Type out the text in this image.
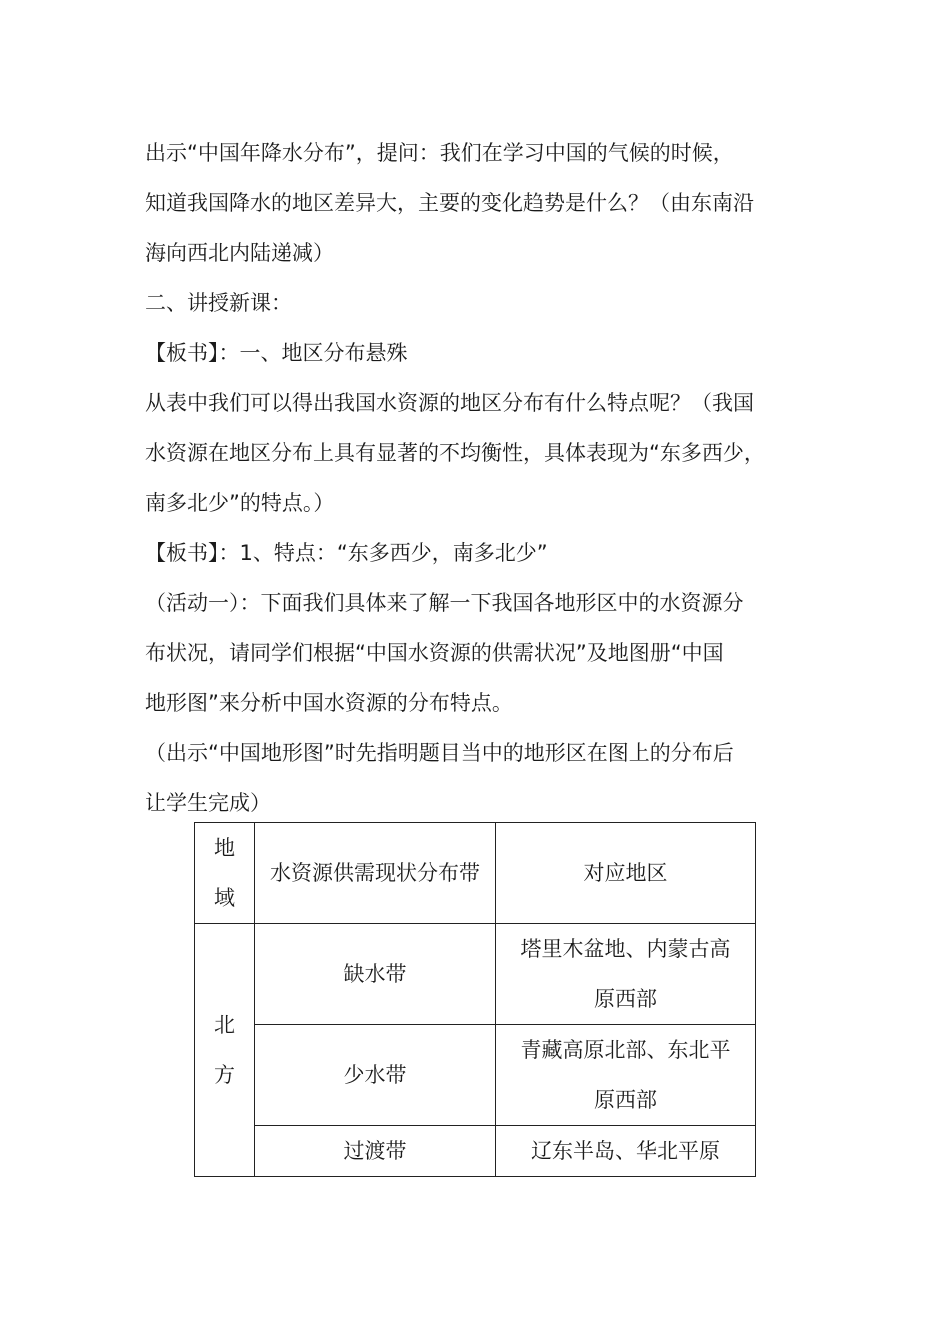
出示“中国年降水分布”，提问：我们在学习中国的气候的时候，

知道我国降水的地区差异大，主要的变化趋势是什么？（由东南沿

海向西北内陆递减）

二、讲授新课：

【板书】：一、地区分布悬殊

从表中我们可以得出我国水资源的地区分布有什么特点呢？（我国

水资源在地区分布上具有显著的不均衡性，具体表现为“东多西少，

南多北少”的特点。）

【板书】：1、特点：“东多西少，南多北少”

（活动一）：下面我们具体来了解一下我国各地形区中的水资源分

布状况，请同学们根据“中国水资源的供需状况”及地图册“中国

地形图”来分析中国水资源的分布特点。

（出示“中国地形图”时先指明题目当中的地形区在图上的分布后

让学生完成）

地
域	水资源供需现状分布带	对应地区

北
方	缺水带	塔里木盆地、内蒙古高原西部
	少水带	青藏高原北部、东北平原西部
	过渡带	辽东半岛、华北平原
